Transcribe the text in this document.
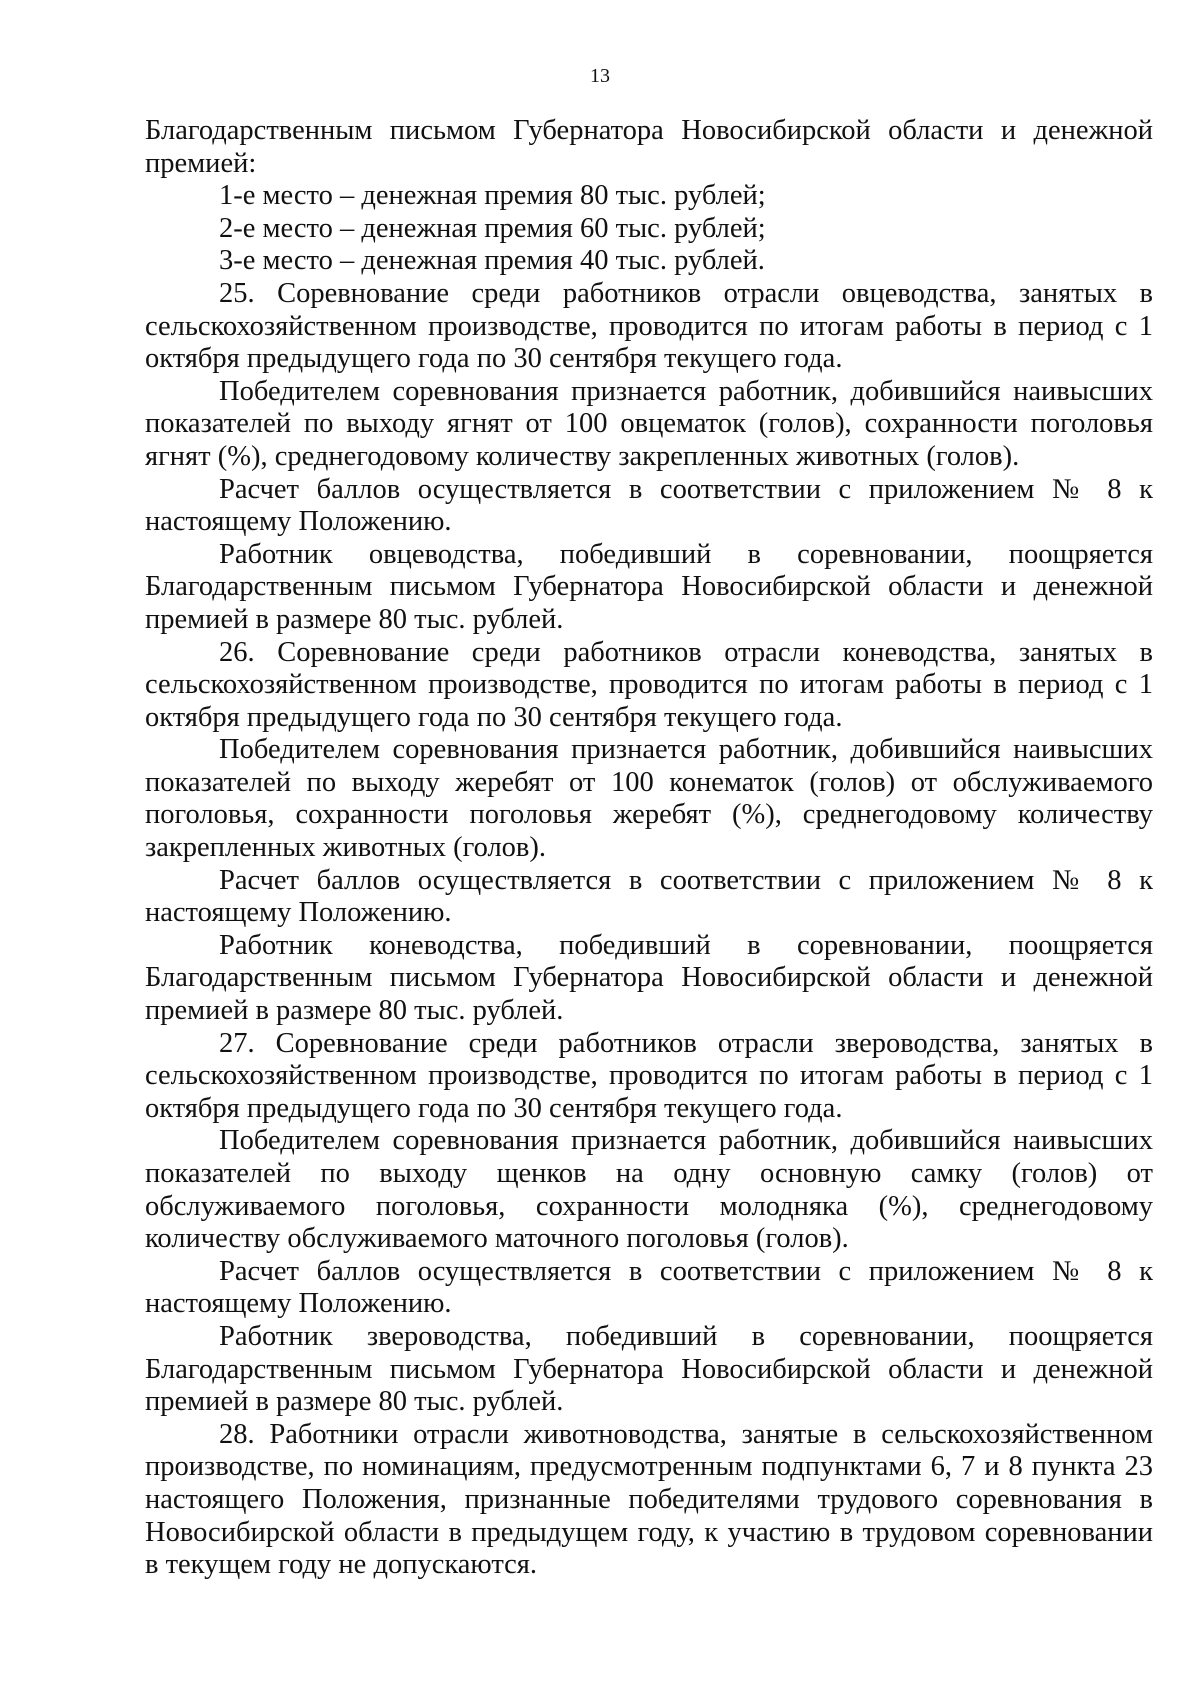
13

Благодарственным письмом Губернатора Новосибирской области и денежной премией:

1-е место – денежная премия 80 тыс. рублей;

2-е место – денежная премия 60 тыс. рублей;

3-е место – денежная премия 40 тыс. рублей.

25. Соревнование среди работников отрасли овцеводства, занятых в сельскохозяйственном производстве, проводится по итогам работы в период с 1 октября предыдущего года по 30 сентября текущего года.

Победителем соревнования признается работник, добившийся наивысших показателей по выходу ягнят от 100 овцематок (голов), сохранности поголовья ягнят (%), среднегодовому количеству закрепленных животных (голов).

Расчет баллов осуществляется в соответствии с приложением № 8 к настоящему Положению.

Работник овцеводства, победивший в соревновании, поощряется Благодарственным письмом Губернатора Новосибирской области и денежной премией в размере 80 тыс. рублей.

26. Соревнование среди работников отрасли коневодства, занятых в сельскохозяйственном производстве, проводится по итогам работы в период с 1 октября предыдущего года по 30 сентября текущего года.

Победителем соревнования признается работник, добившийся наивысших показателей по выходу жеребят от 100 конематок (голов) от обслуживаемого поголовья, сохранности поголовья жеребят (%), среднегодовому количеству закрепленных животных (голов).

Расчет баллов осуществляется в соответствии с приложением № 8 к настоящему Положению.

Работник коневодства, победивший в соревновании, поощряется Благодарственным письмом Губернатора Новосибирской области и денежной премией в размере 80 тыс. рублей.

27. Соревнование среди работников отрасли звероводства, занятых в сельскохозяйственном производстве, проводится по итогам работы в период с 1 октября предыдущего года по 30 сентября текущего года.

Победителем соревнования признается работник, добившийся наивысших показателей по выходу щенков на одну основную самку (голов) от обслуживаемого поголовья, сохранности молодняка (%), среднегодовому количеству обслуживаемого маточного поголовья (голов).

Расчет баллов осуществляется в соответствии с приложением № 8 к настоящему Положению.

Работник звероводства, победивший в соревновании, поощряется Благодарственным письмом Губернатора Новосибирской области и денежной премией в размере 80 тыс. рублей.

28. Работники отрасли животноводства, занятые в сельскохозяйственном производстве, по номинациям, предусмотренным подпунктами 6, 7 и 8 пункта 23 настоящего Положения, признанные победителями трудового соревнования в Новосибирской области в предыдущем году, к участию в трудовом соревновании в текущем году не допускаются.
